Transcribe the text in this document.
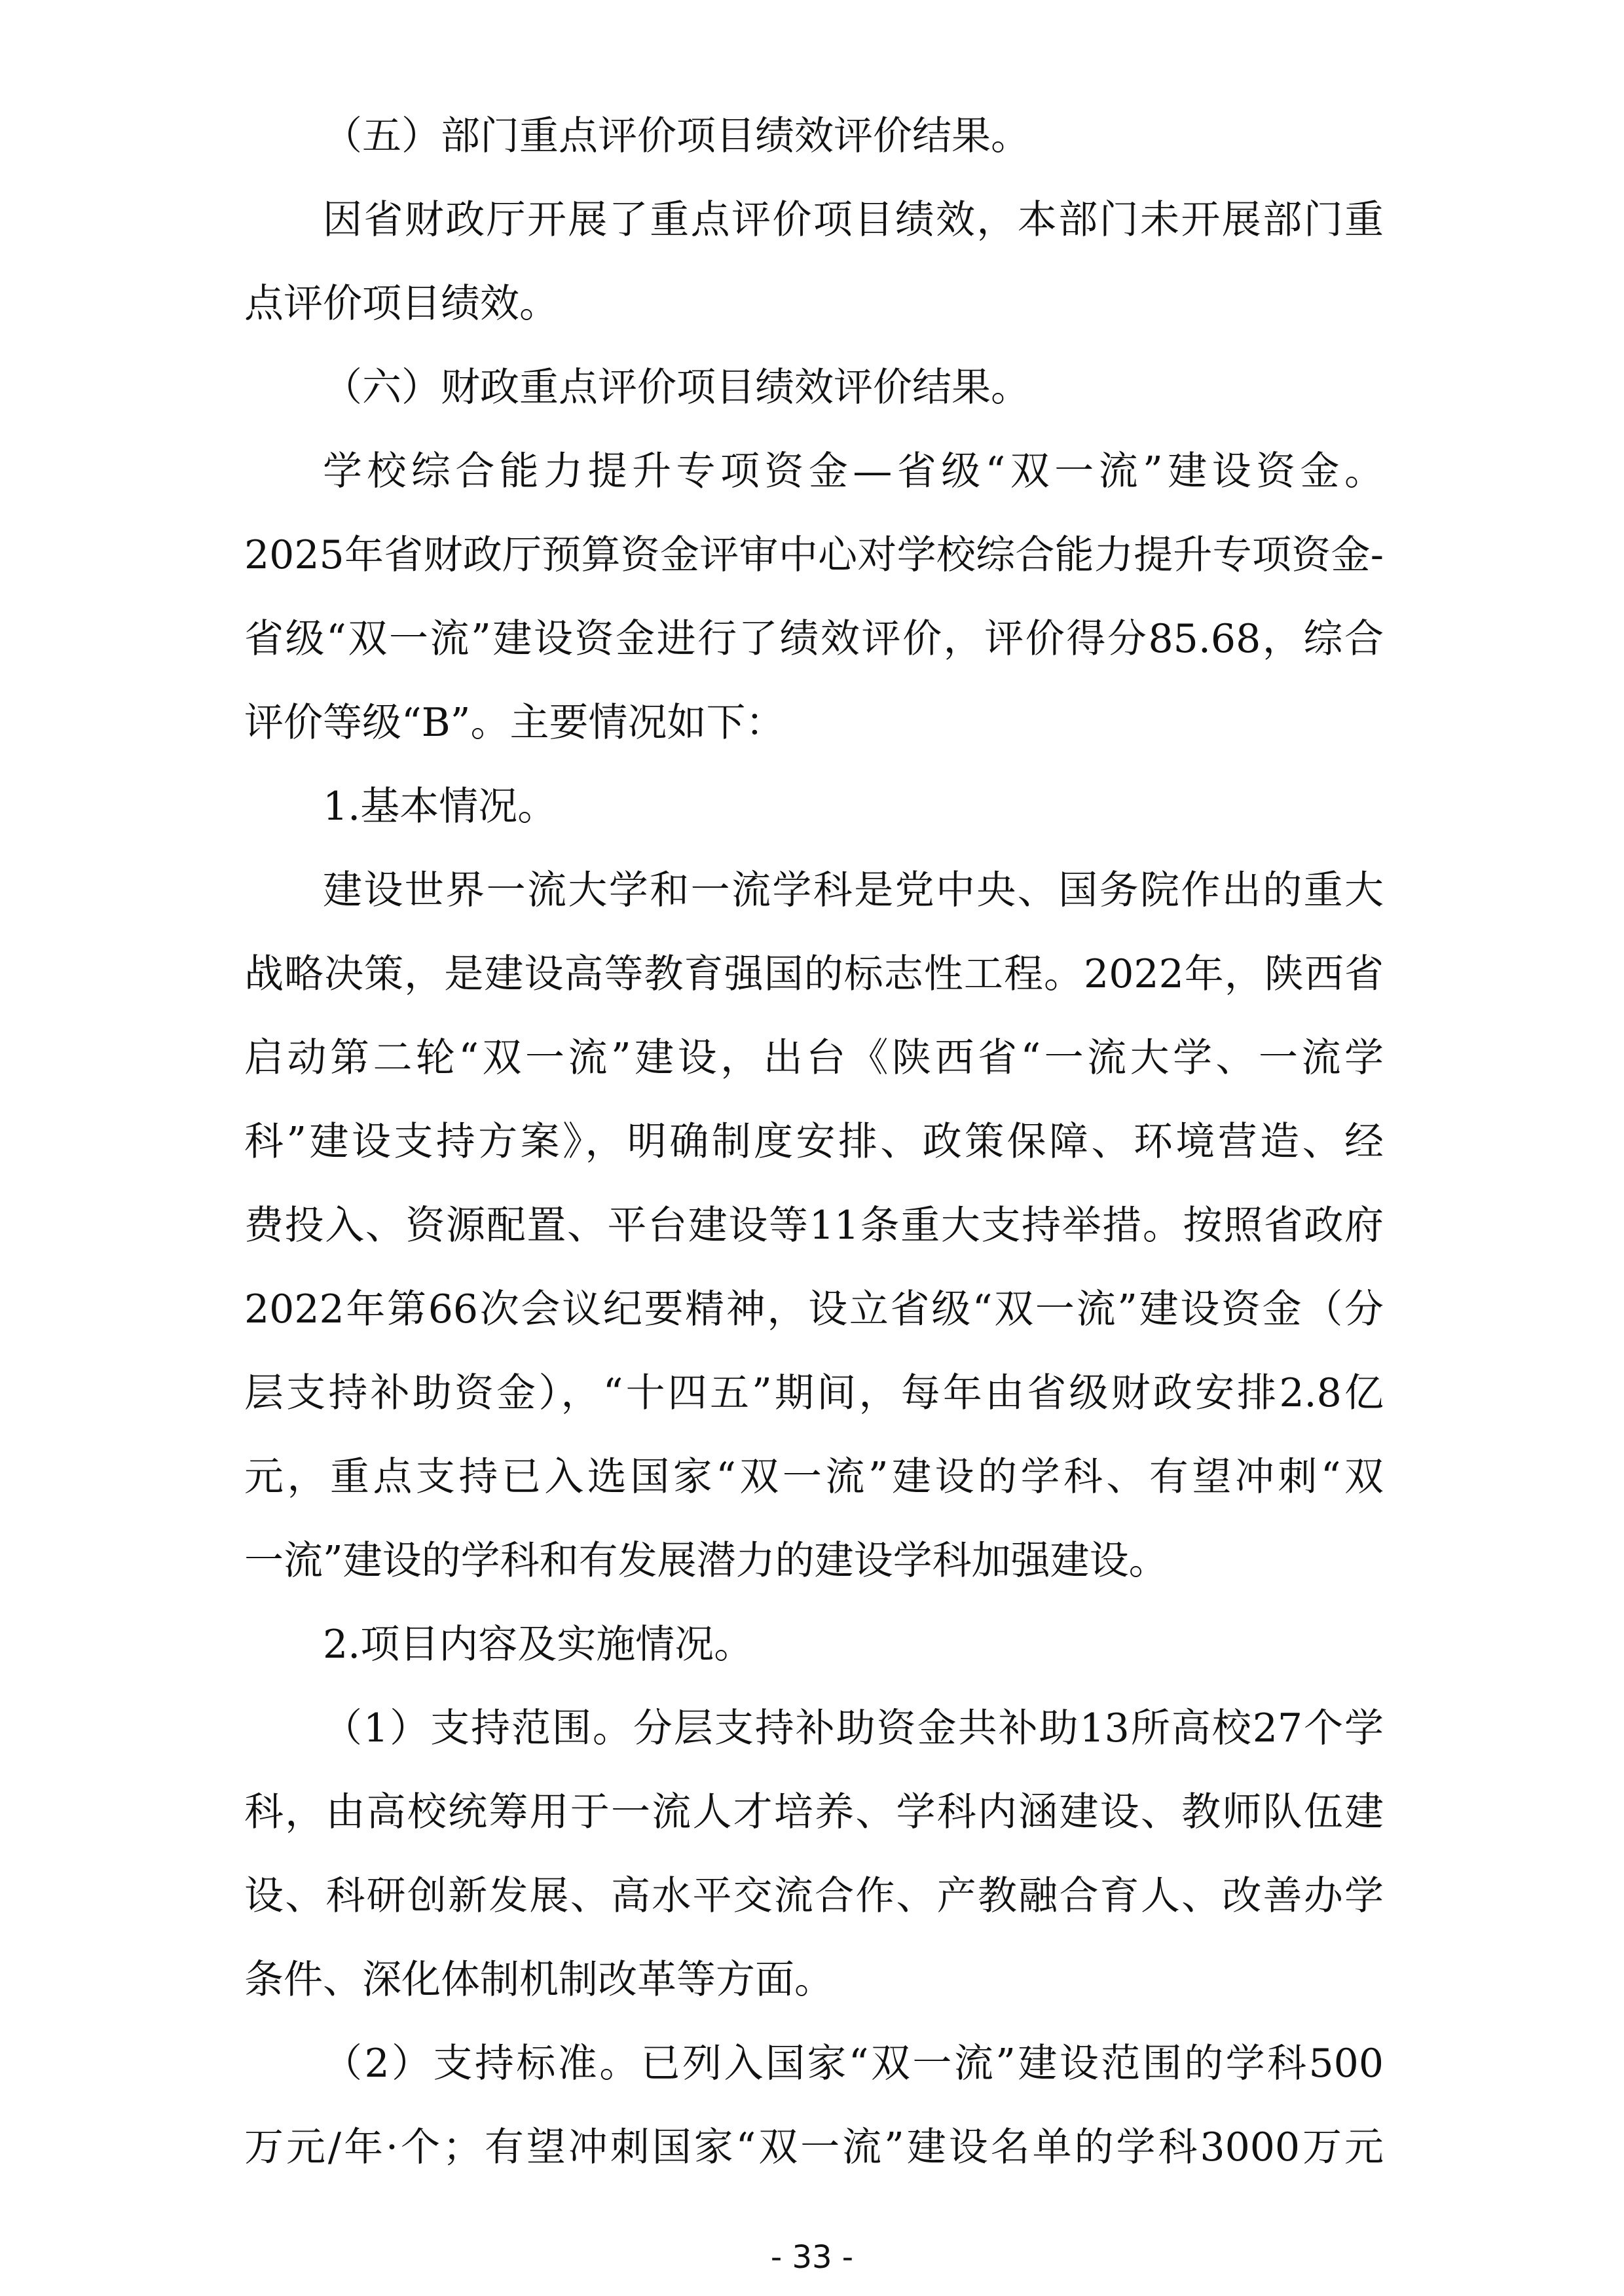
（五）部门重点评价项目绩效评价结果。
因省财政厅开展了重点评价项目绩效，本部门未开展部门重
点评价项目绩效。
（六）财政重点评价项目绩效评价结果。
学校综合能力提升专项资金—省级“双一流”建设资金。
2025年省财政厅预算资金评审中心对学校综合能力提升专项资金-
省级“双一流”建设资金进行了绩效评价，评价得分85.68，综合
评价等级“B”。主要情况如下：
1.基本情况。
建设世界一流大学和一流学科是党中央、国务院作出的重大
战略决策，是建设高等教育强国的标志性工程。2022年，陕西省
启动第二轮“双一流”建设，出台《陕西省“一流大学、一流学
科”建设支持方案》，明确制度安排、政策保障、环境营造、经
费投入、资源配置、平台建设等11条重大支持举措。按照省政府
2022年第66次会议纪要精神，设立省级“双一流”建设资金（分
层支持补助资金），“十四五”期间，每年由省级财政安排2.8亿
元，重点支持已入选国家“双一流”建设的学科、有望冲刺“双
一流”建设的学科和有发展潜力的建设学科加强建设。
2.项目内容及实施情况。
（1）支持范围。分层支持补助资金共补助13所高校27个学
科，由高校统筹用于一流人才培养、学科内涵建设、教师队伍建
设、科研创新发展、高水平交流合作、产教融合育人、改善办学
条件、深化体制机制改革等方面。
（2）支持标准。已列入国家“双一流”建设范围的学科500
万元/年·个；有望冲刺国家“双一流”建设名单的学科3000万元
- 33 -
